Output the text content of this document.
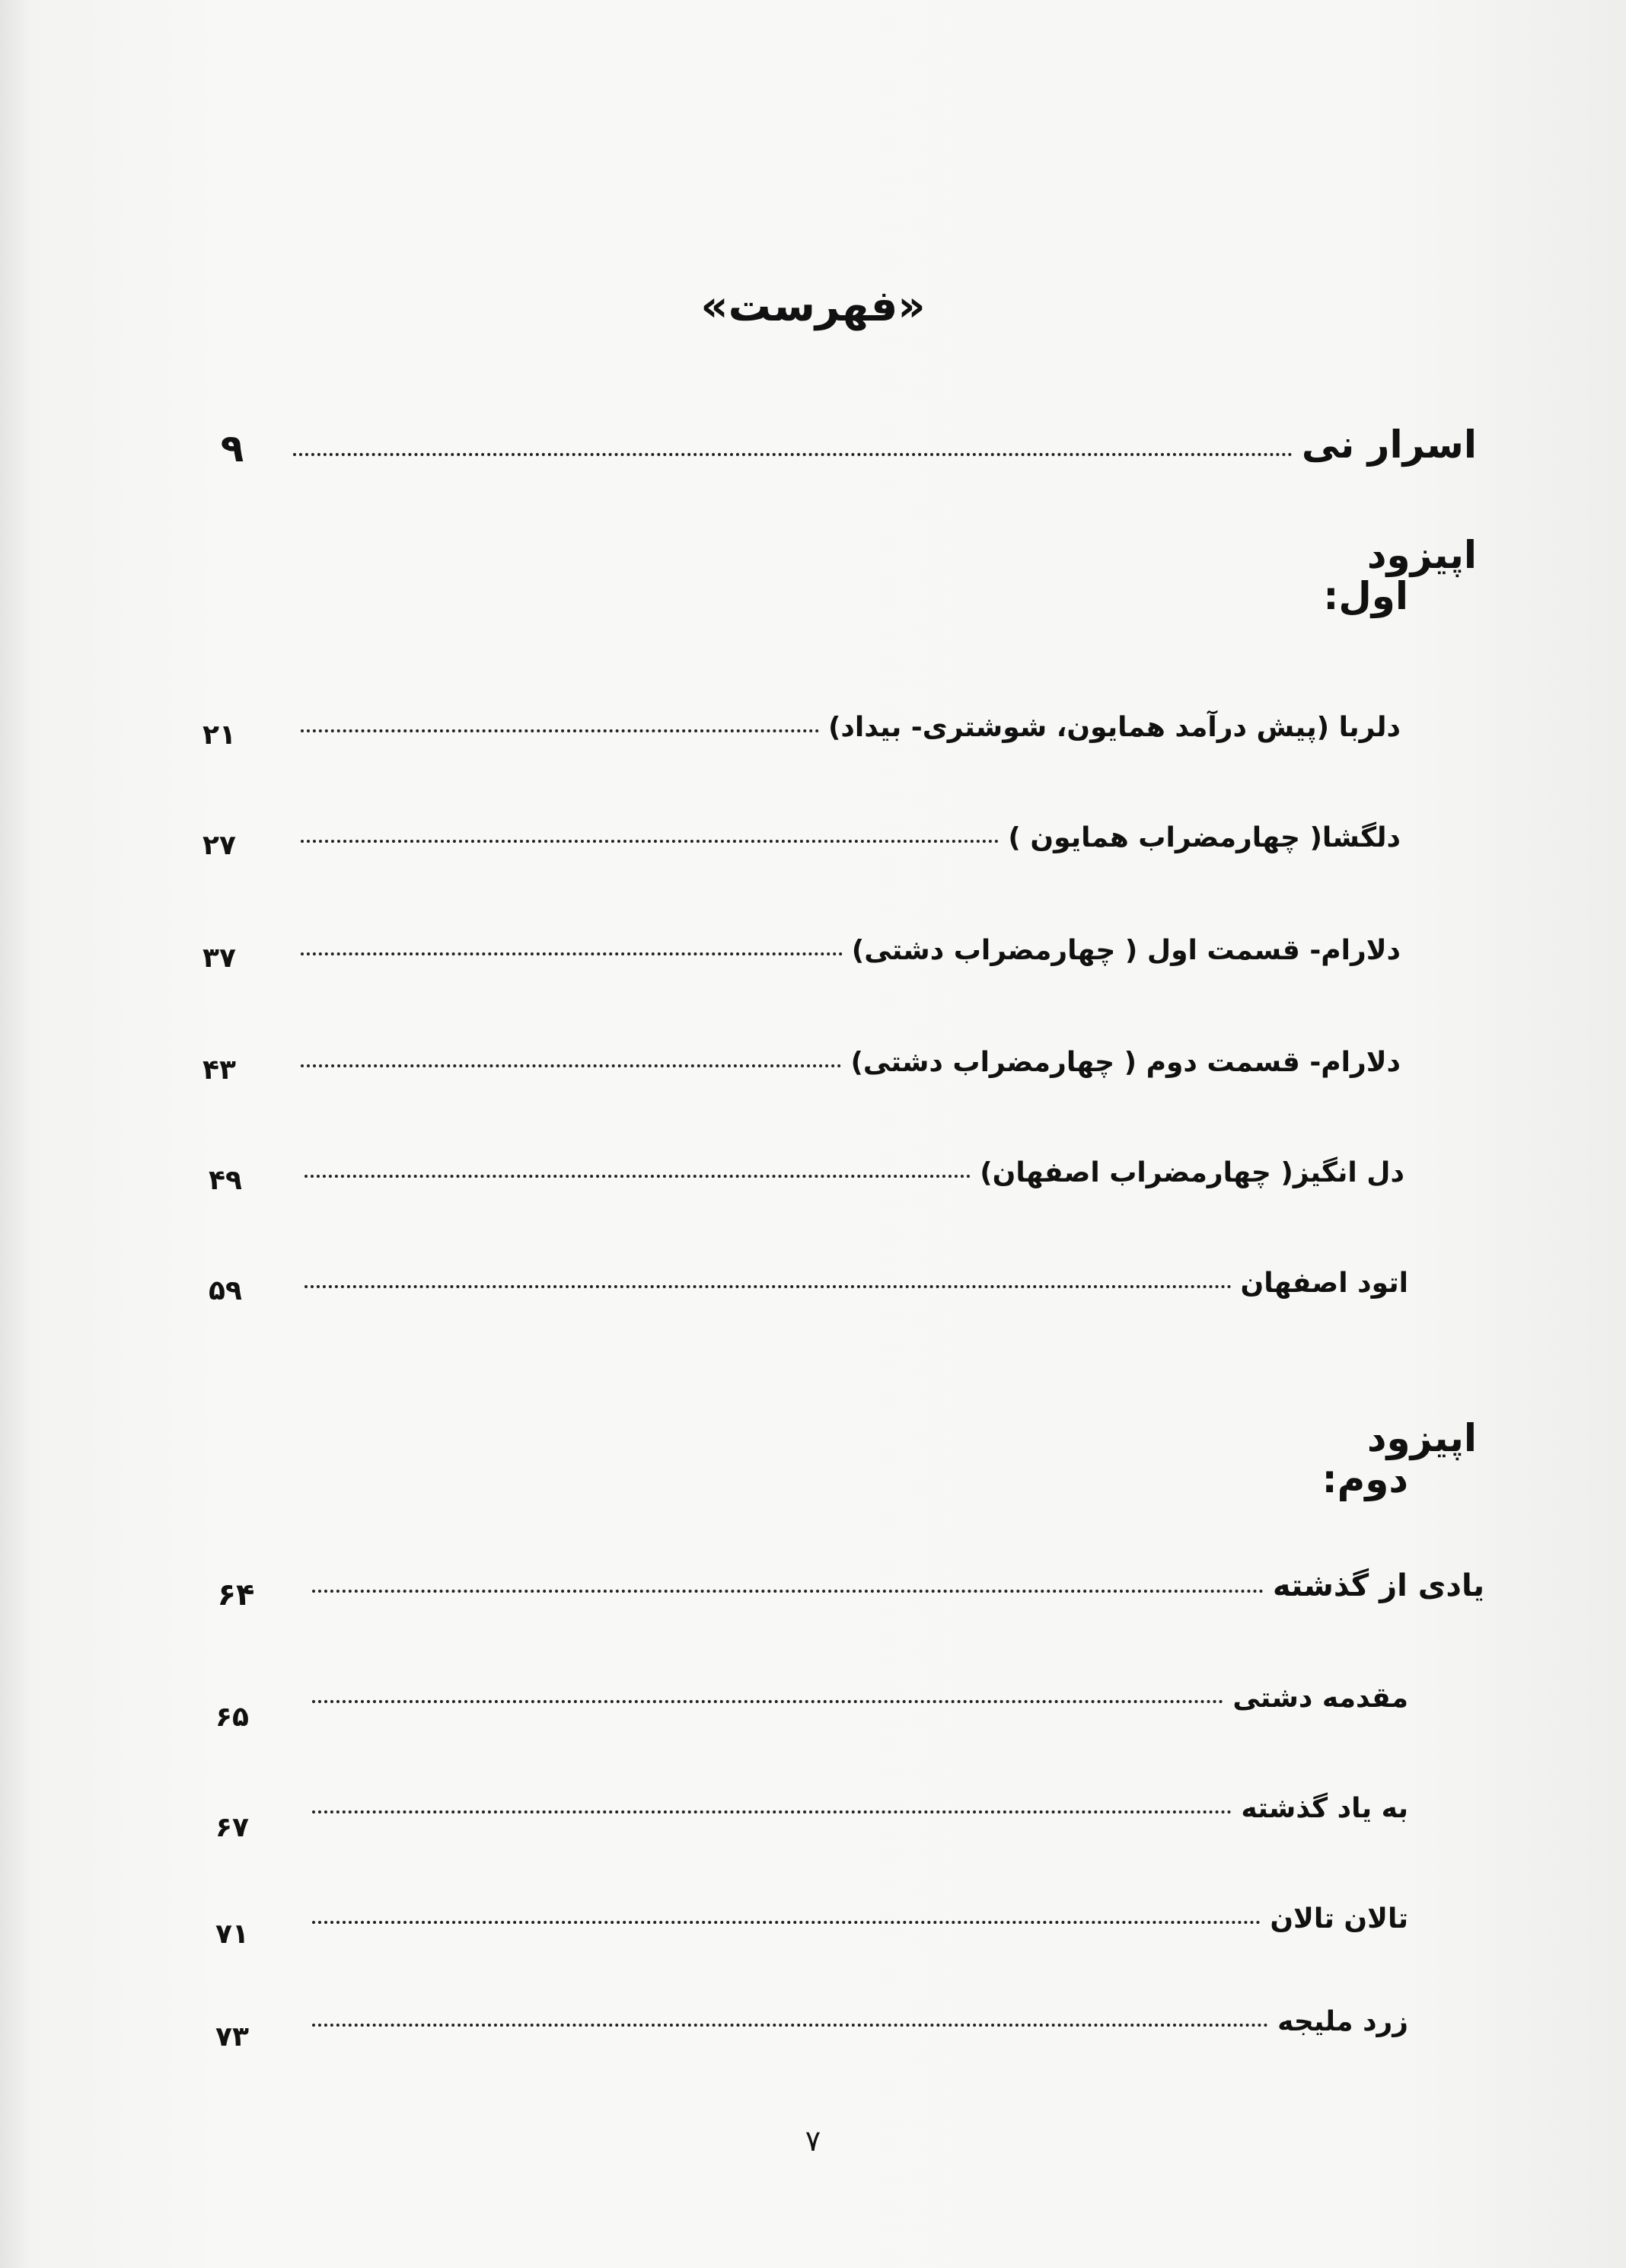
«فهرست»
اسرار نی
۹
اپیزود
اول:
دلربا (پیش درآمد همایون، شوشتری- بیداد)
۲۱
دلگشا( چهارمضراب همایون )
۲۷
دلارام- قسمت اول ( چهارمضراب دشتی)
۳۷
دلارام- قسمت دوم ( چهارمضراب دشتی)
۴۳
دل انگیز( چهارمضراب اصفهان)
۴۹
اتود اصفهان
۵۹
اپیزود
دوم:
یادی از گذشته
۶۴
مقدمه دشتی
۶۵
به یاد گذشته
۶۷
تالان تالان
۷۱
زرد ملیجه
۷۳
۷
